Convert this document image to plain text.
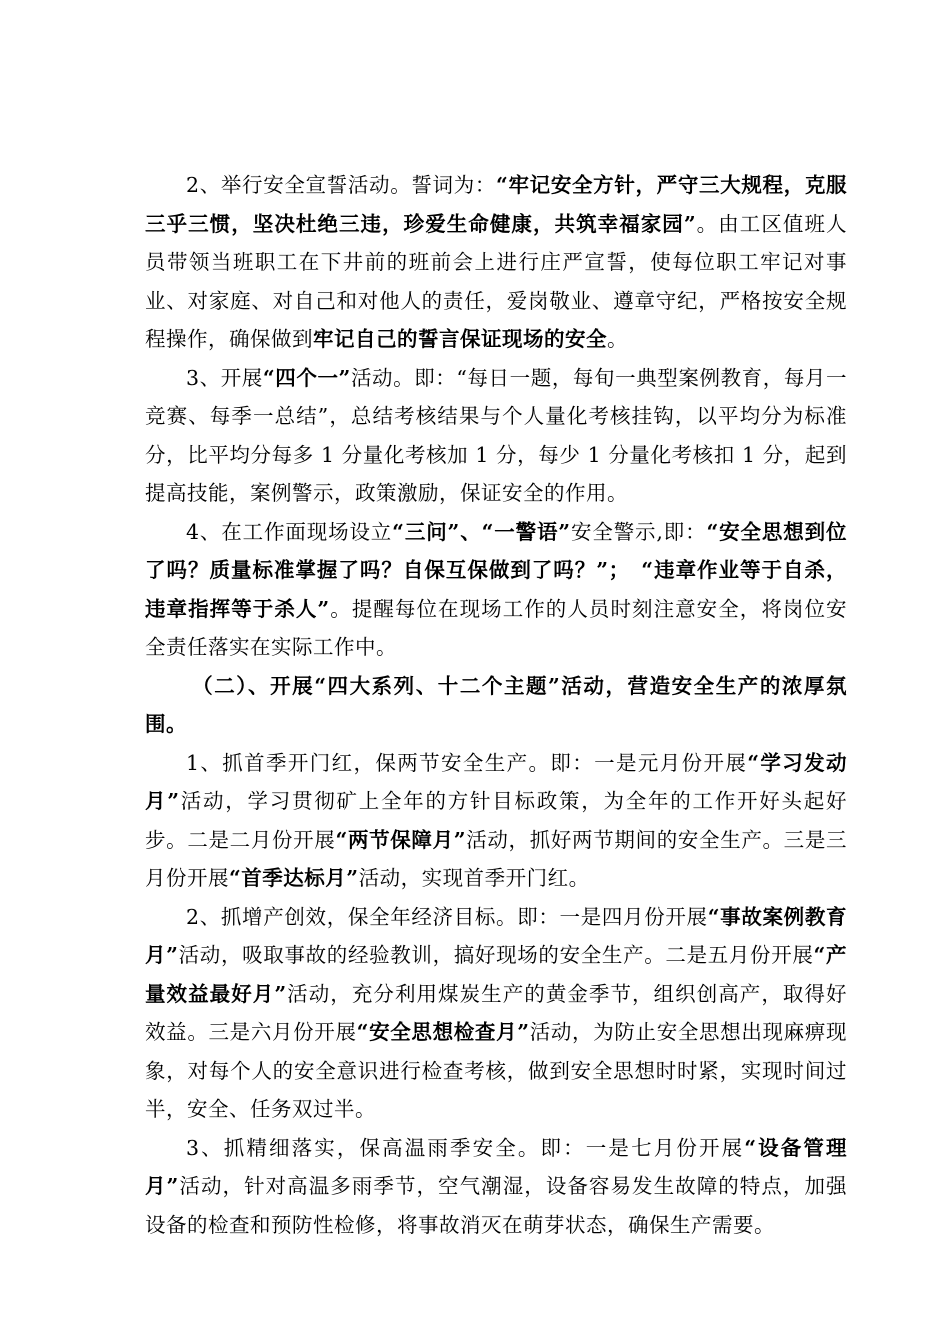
2、举行安全宣誓活动。誓词为：“牢记安全方针，严守三大规程，克服三乎三惯，坚决杜绝三违，珍爱生命健康，共筑幸福家园”。由工区值班人员带领当班职工在下井前的班前会上进行庄严宣誓，使每位职工牢记对事业、对家庭、对自己和对他人的责任，爱岗敬业、遵章守纪，严格按安全规程操作，确保做到牢记自己的誓言保证现场的安全。

3、开展“四个一”活动。即：“每日一题，每旬一典型案例教育，每月一竞赛、每季一总结”，总结考核结果与个人量化考核挂钩，以平均分为标准分，比平均分每多 1 分量化考核加 1 分，每少 1 分量化考核扣 1 分，起到提高技能，案例警示，政策激励，保证安全的作用。

4、在工作面现场设立“三问”、“一警语”安全警示,即：“安全思想到位了吗？质量标准掌握了吗？自保互保做到了吗？”；　“违章作业等于自杀，违章指挥等于杀人”。提醒每位在现场工作的人员时刻注意安全，将岗位安全责任落实在实际工作中。

（二）、开展“四大系列、十二个主题”活动，营造安全生产的浓厚氛围。

1、抓首季开门红，保两节安全生产。即：一是元月份开展“学习发动月”活动，学习贯彻矿上全年的方针目标政策，为全年的工作开好头起好步。二是二月份开展“两节保障月”活动，抓好两节期间的安全生产。三是三月份开展“首季达标月”活动，实现首季开门红。

2、抓增产创效，保全年经济目标。即：一是四月份开展“事故案例教育月”活动，吸取事故的经验教训，搞好现场的安全生产。二是五月份开展“产量效益最好月”活动，充分利用煤炭生产的黄金季节，组织创高产，取得好效益。三是六月份开展“安全思想检查月”活动，为防止安全思想出现麻痹现象，对每个人的安全意识进行检查考核，做到安全思想时时紧，实现时间过半，安全、任务双过半。

3、抓精细落实，保高温雨季安全。即：一是七月份开展“设备管理月”活动，针对高温多雨季节，空气潮湿，设备容易发生故障的特点，加强设备的检查和预防性检修，将事故消灭在萌芽状态，确保生产需要。
